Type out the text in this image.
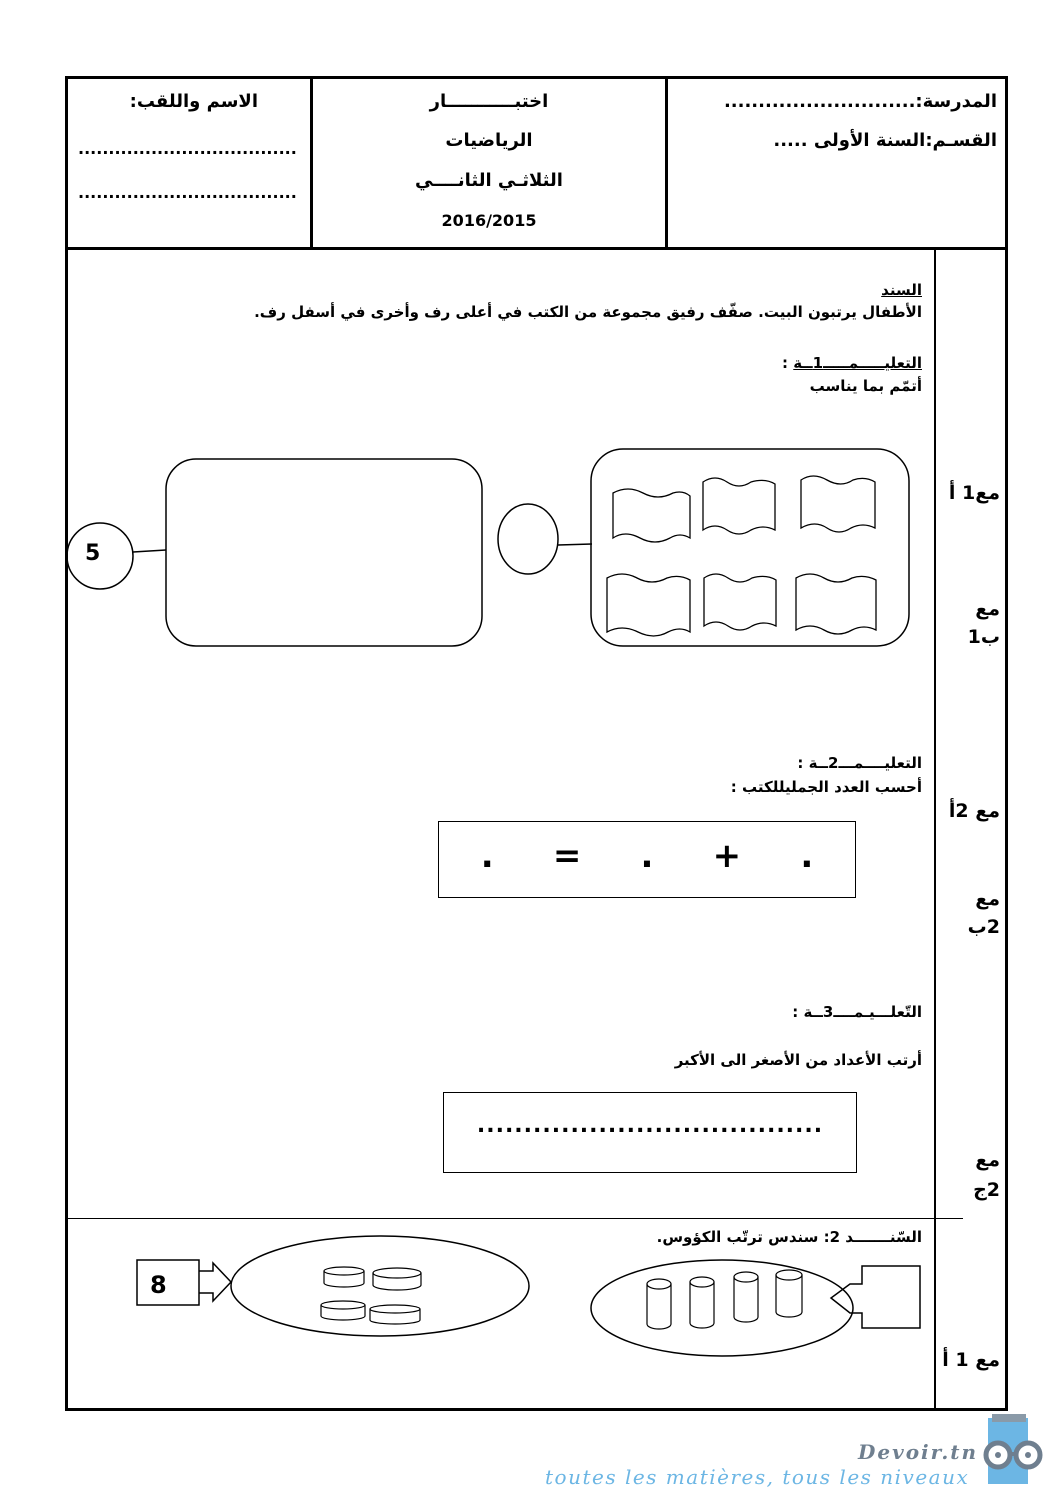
الاسم واللقب:
....................................
....................................
اختبـــــــــــار
الرياضيات
الثلاثـي الثانــــي
2016/2015
المدرسة:............................
القسـم:السنة الأولى .....
السند
الأطفال يرتبون البيت. صفّف رفيق مجموعة من الكتب في أعلى رف وأخرى في أسفل رف.
التعليـــــمـــــ1ــة :
أتمّم بما يناسب
التعليــــمـــ2ــة :
أحسب العدد الجمليللكتب :
.     =     .     +     .
التّعلـــيـمــــ3ــة :
أرتب الأعداد من الأصغر الى الأكبر
.....................................
السّنـــــــد 2: سندس ترتّب الكؤوس.
5
8
مع1 أ
مع
ب1
مع 2أ
مع
2ب
مع 2ج
مع 1 أ
Devoir.tn
toutes les matières, tous les niveaux
